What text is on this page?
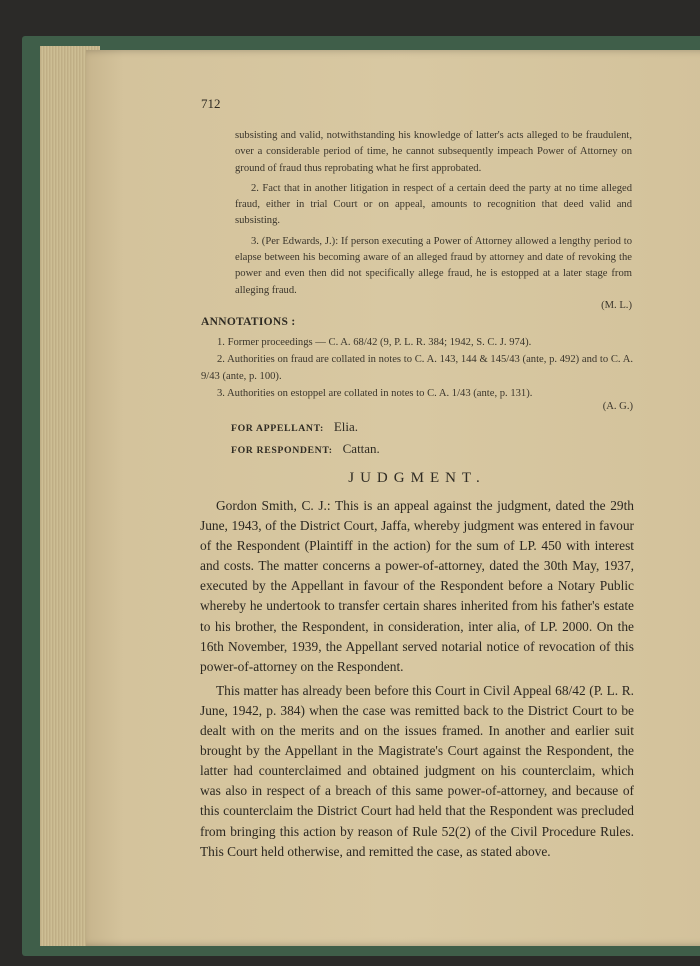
712

subsisting and valid, notwithstanding his knowledge of latter's acts alleged to be fraudulent, over a considerable period of time, he cannot subsequently impeach Power of Attorney on ground of fraud thus reprobating what he first approbated.

2. Fact that in another litigation in respect of a certain deed the party at no time alleged fraud, either in trial Court or on appeal, amounts to recognition that deed valid and subsisting.

3. (Per Edwards, J.): If person executing a Power of Attorney allowed a lengthy period to elapse between his becoming aware of an alleged fraud by attorney and date of revoking the power and even then did not specifically allege fraud, he is estopped at a later stage from alleging fraud.

(M. L.)
ANNOTATIONS :
1. Former proceedings — C. A. 68/42 (9, P. L. R. 384; 1942, S. C. J. 974).
2. Authorities on fraud are collated in notes to C. A. 143, 144 & 145/43 (ante, p. 492) and to C. A. 9/43 (ante, p. 100).
3. Authorities on estoppel are collated in notes to C. A. 1/43 (ante, p. 131).
(A. G.)
FOR APPELLANT: Elia.
FOR RESPONDENT: Cattan.
JUDGMENT.

Gordon Smith, C. J.: This is an appeal against the judgment, dated the 29th June, 1943, of the District Court, Jaffa, whereby judgment was entered in favour of the Respondent (Plaintiff in the action) for the sum of LP. 450 with interest and costs. The matter concerns a power-of-attorney, dated the 30th May, 1937, executed by the Appellant in favour of the Respondent before a Notary Public whereby he undertook to transfer certain shares inherited from his father's estate to his brother, the Respondent, in consideration, inter alia, of LP. 2000. On the 16th November, 1939, the Appellant served notarial notice of revocation of this power-of-attorney on the Respondent.

This matter has already been before this Court in Civil Appeal 68/42 (P. L. R. June, 1942, p. 384) when the case was remitted back to the District Court to be dealt with on the merits and on the issues framed. In another and earlier suit brought by the Appellant in the Magistrate's Court against the Respondent, the latter had counterclaimed and obtained judgment on his counterclaim, which was also in respect of a breach of this same power-of-attorney, and because of this counterclaim the District Court had held that the Respondent was precluded from bringing this action by reason of Rule 52(2) of the Civil Procedure Rules. This Court held otherwise, and remitted the case, as stated above.
